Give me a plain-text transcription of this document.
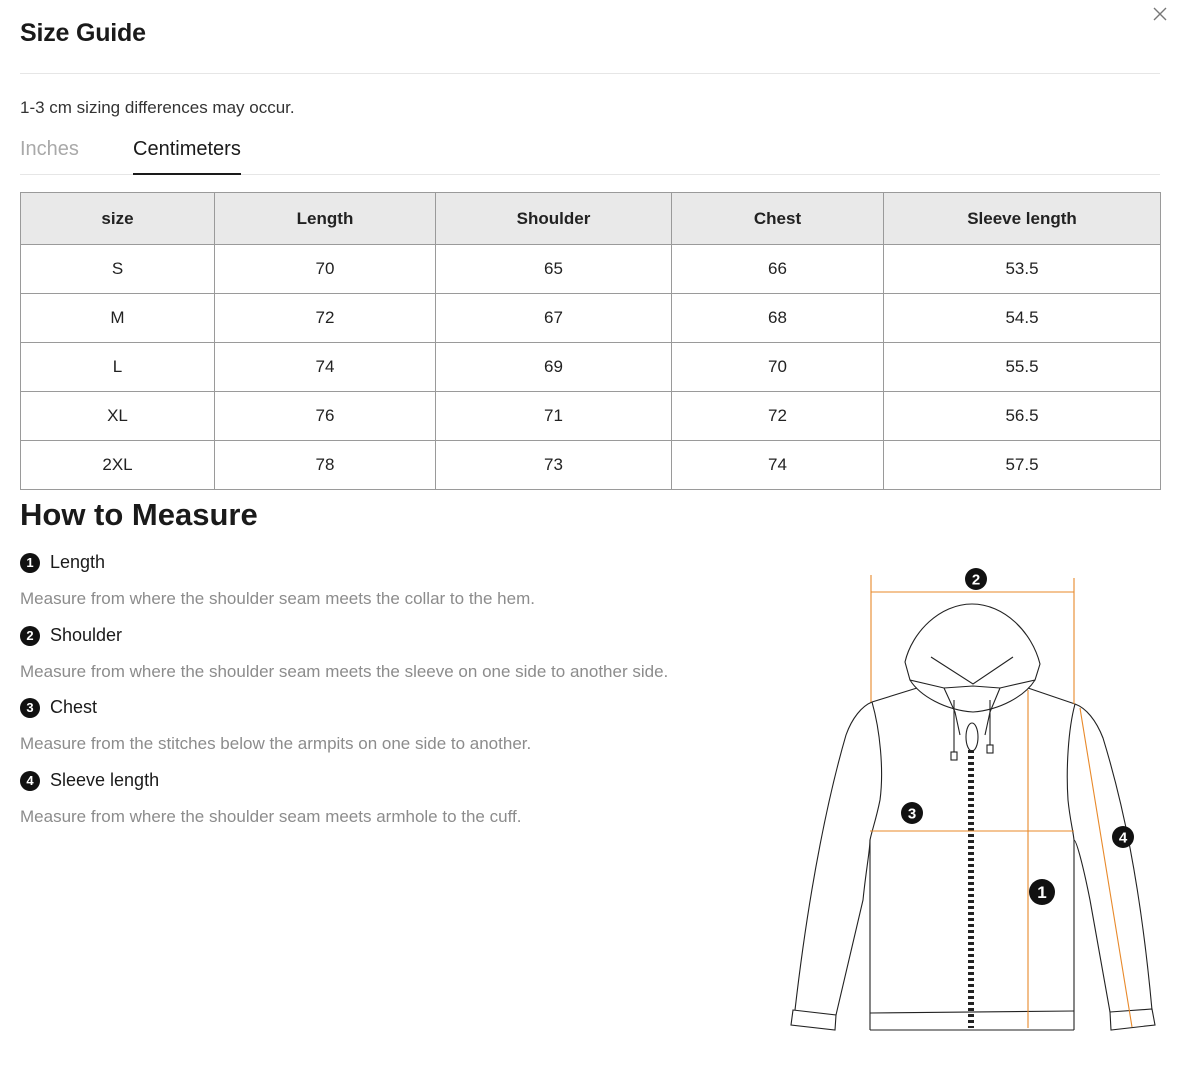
Size Guide
1-3 cm sizing differences may occur.
Inches	Centimeters
size	Length	Shoulder	Chest	Sleeve length
S	70	65	66	53.5
M	72	67	68	54.5
L	74	69	70	55.5
XL	76	71	72	56.5
2XL	78	73	74	57.5
How to Measure
1 Length
Measure from where the shoulder seam meets the collar to the hem.
2 Shoulder
Measure from where the shoulder seam meets the sleeve on one side to another side.
3 Chest
Measure from the stitches below the armpits on one side to another.
4 Sleeve length
Measure from where the shoulder seam meets armhole to the cuff.
2
3
4
1
